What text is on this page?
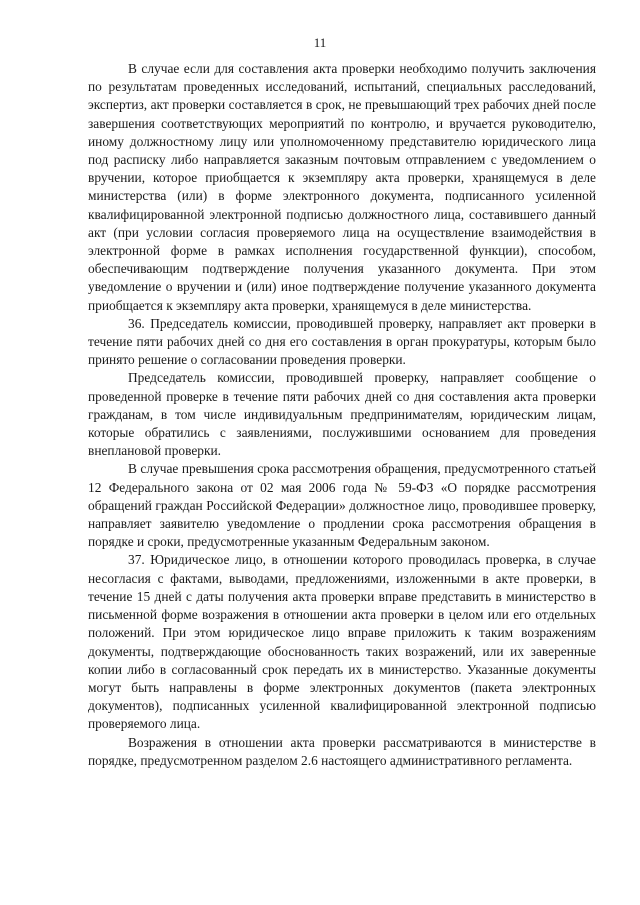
11

В случае если для составления акта проверки необходимо получить заключения по результатам проведенных исследований, испытаний, специальных расследований, экспертиз, акт проверки составляется в срок, не превышающий трех рабочих дней после завершения соответствующих мероприятий по контролю, и вручается руководителю, иному должностному лицу или уполномоченному представителю юридического лица под расписку либо направляется заказным почтовым отправлением с уведомлением о вручении, которое приобщается к экземпляру акта проверки, хранящемуся в деле министерства (или) в форме электронного документа, подписанного усиленной квалифицированной электронной подписью должностного лица, составившего данный акт (при условии согласия проверяемого лица на осуществление взаимодействия в электронной форме в рамках исполнения государственной функции), способом, обеспечивающим подтверждение получения указанного документа. При этом уведомление о вручении и (или) иное подтверждение получение указанного документа приобщается к экземпляру акта проверки, хранящемуся в деле министерства.

36. Председатель комиссии, проводившей проверку, направляет акт проверки в течение пяти рабочих дней со дня его составления в орган прокуратуры, которым было принято решение о согласовании проведения проверки.

Председатель комиссии, проводившей проверку, направляет сообщение о проведенной проверке в течение пяти рабочих дней со дня составления акта проверки гражданам, в том числе индивидуальным предпринимателям, юридическим лицам, которые обратились с заявлениями, послужившими основанием для проведения внеплановой проверки.

В случае превышения срока рассмотрения обращения, предусмотренного статьей 12 Федерального закона от 02 мая 2006 года № 59-ФЗ «О порядке рассмотрения обращений граждан Российской Федерации» должностное лицо, проводившее проверку, направляет заявителю уведомление о продлении срока рассмотрения обращения в порядке и сроки, предусмотренные указанным Федеральным законом.

37. Юридическое лицо, в отношении которого проводилась проверка, в случае несогласия с фактами, выводами, предложениями, изложенными в акте проверки, в течение 15 дней с даты получения акта проверки вправе представить в министерство в письменной форме возражения в отношении акта проверки в целом или его отдельных положений. При этом юридическое лицо вправе приложить к таким возражениям документы, подтверждающие обоснованность таких возражений, или их заверенные копии либо в согласованный срок передать их в министерство. Указанные документы могут быть направлены в форме электронных документов (пакета электронных документов), подписанных усиленной квалифицированной электронной подписью проверяемого лица.

Возражения в отношении акта проверки рассматриваются в министерстве в порядке, предусмотренном разделом 2.6 настоящего административного регламента.
